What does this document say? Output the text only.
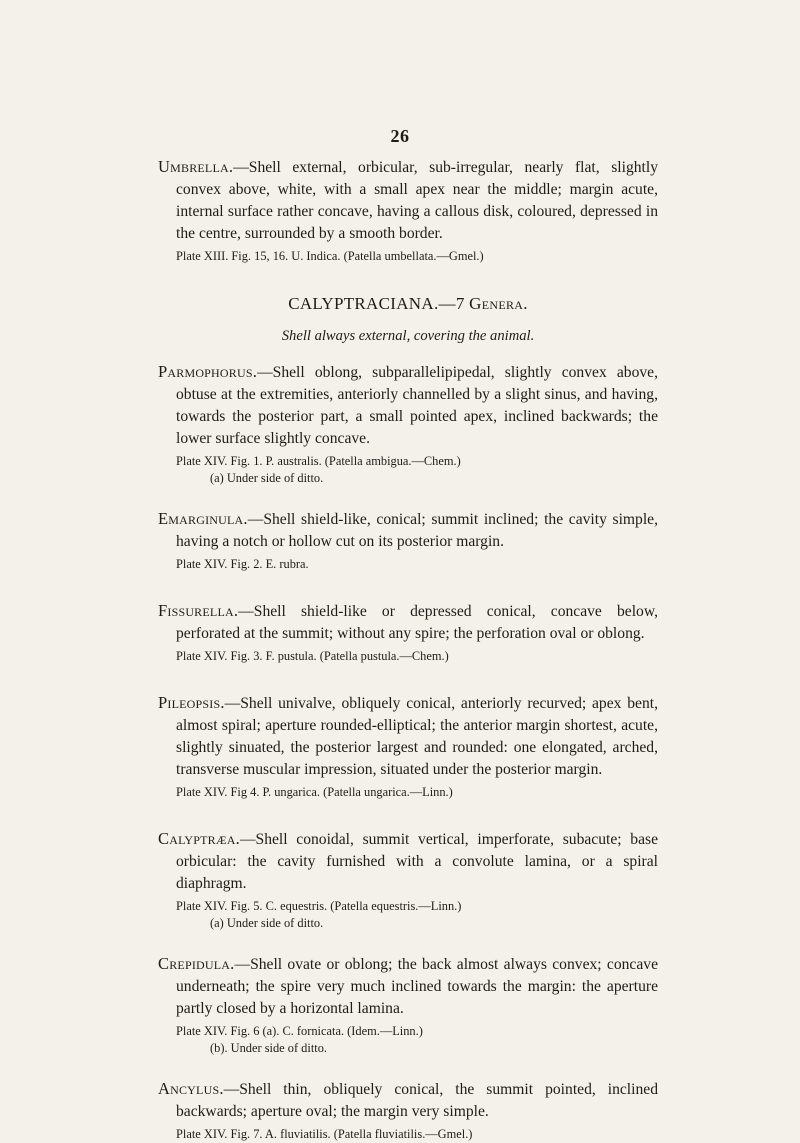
26

Umbrella.—Shell external, orbicular, sub-irregular, nearly flat, slightly convex above, white, with a small apex near the middle; margin acute, internal surface rather concave, having a callous disk, coloured, depressed in the centre, surrounded by a smooth border.

Plate XIII. Fig. 15, 16. U. Indica. (Patella umbellata.—Gmel.)

CALYPTRACIANA.—7 Genera.
Shell always external, covering the animal.

Parmophorus.—Shell oblong, subparallelipipedal, slightly convex above, obtuse at the extremities, anteriorly channelled by a slight sinus, and having, towards the posterior part, a small pointed apex, inclined backwards; the lower surface slightly concave.

Plate XIV. Fig. 1. P. australis. (Patella ambigua.—Chem.)

(a) Under side of ditto.

Emarginula.—Shell shield-like, conical; summit inclined; the cavity simple, having a notch or hollow cut on its posterior margin.

Plate XIV. Fig. 2. E. rubra.

Fissurella.—Shell shield-like or depressed conical, concave below, perforated at the summit; without any spire; the perforation oval or oblong.

Plate XIV. Fig. 3. F. pustula. (Patella pustula.—Chem.)

Pileopsis.—Shell univalve, obliquely conical, anteriorly recurved; apex bent, almost spiral; aperture rounded-elliptical; the anterior margin shortest, acute, slightly sinuated, the posterior largest and rounded: one elongated, arched, transverse muscular impression, situated under the posterior margin.

Plate XIV. Fig 4. P. ungarica. (Patella ungarica.—Linn.)

Calyptræa.—Shell conoidal, summit vertical, imperforate, subacute; base orbicular: the cavity furnished with a convolute lamina, or a spiral diaphragm.

Plate XIV. Fig. 5. C. equestris. (Patella equestris.—Linn.)

(a) Under side of ditto.

Crepidula.—Shell ovate or oblong; the back almost always convex; concave underneath; the spire very much inclined towards the margin: the aperture partly closed by a horizontal lamina.

Plate XIV. Fig. 6 (a). C. fornicata. (Idem.—Linn.)

(b). Under side of ditto.

Ancylus.—Shell thin, obliquely conical, the summit pointed, inclined backwards; aperture oval; the margin very simple.

Plate XIV. Fig. 7. A. fluviatilis. (Patella fluviatilis.—Gmel.)
